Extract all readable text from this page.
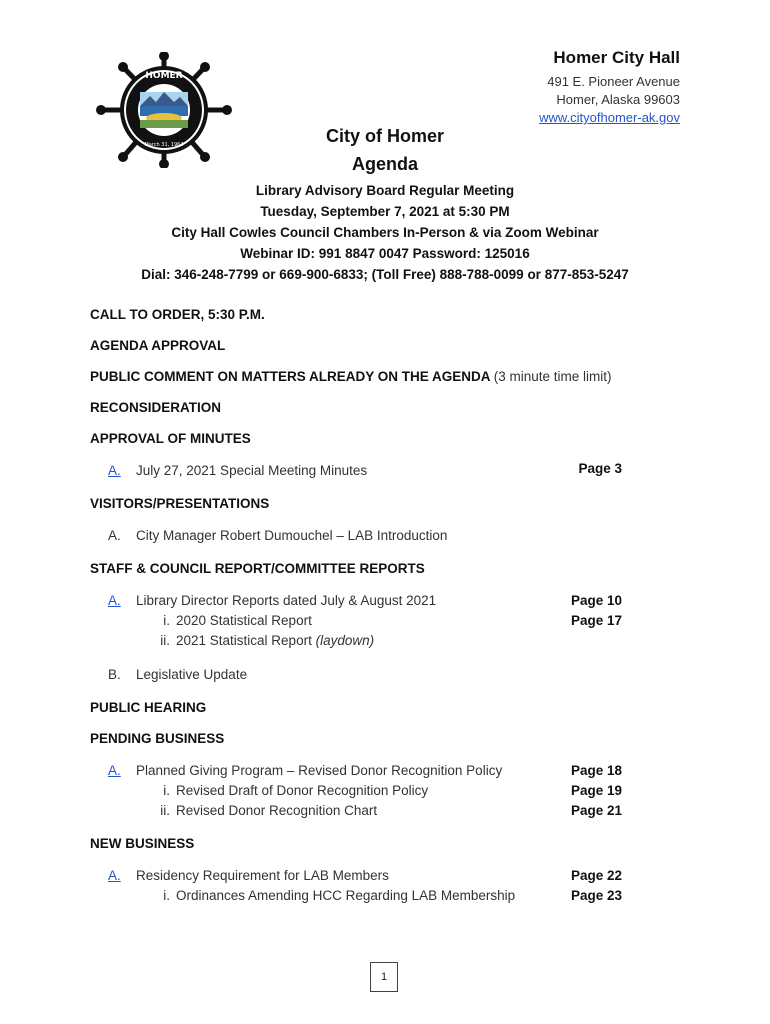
HOMER
March 31, 1964
Homer City Hall
491 E. Pioneer Avenue
Homer, Alaska 99603
www.cityofhomer-ak.gov
City of Homer
Agenda
Library Advisory Board Regular Meeting
Tuesday, September 7, 2021 at 5:30 PM
City Hall Cowles Council Chambers In-Person & via Zoom Webinar
Webinar ID: 991 8847 0047 Password: 125016
Dial: 346-248-7799 or 669-900-6833; (Toll Free) 888-788-0099 or 877-853-5247
CALL TO ORDER, 5:30 P.M.
AGENDA APPROVAL
PUBLIC COMMENT ON MATTERS ALREADY ON THE AGENDA (3 minute time limit)
RECONSIDERATION
APPROVAL OF MINUTES
A.	July 27, 2021 Special Meeting Minutes	Page 3
VISITORS/PRESENTATIONS
A.	City Manager Robert Dumouchel – LAB Introduction
STAFF & COUNCIL REPORT/COMMITTEE REPORTS
A.	Library Director Reports dated July & August 2021	Page 10
i. 2020 Statistical Report	Page 17
ii. 2021 Statistical Report (laydown)
B.	Legislative Update
PUBLIC HEARING
PENDING BUSINESS
A.	Planned Giving Program – Revised Donor Recognition Policy	Page 18
i. Revised Draft of Donor Recognition Policy	Page 19
ii. Revised Donor Recognition Chart	Page 21
NEW BUSINESS
A.	Residency Requirement for LAB Members	Page 22
i. Ordinances Amending HCC Regarding LAB Membership	Page 23
1
